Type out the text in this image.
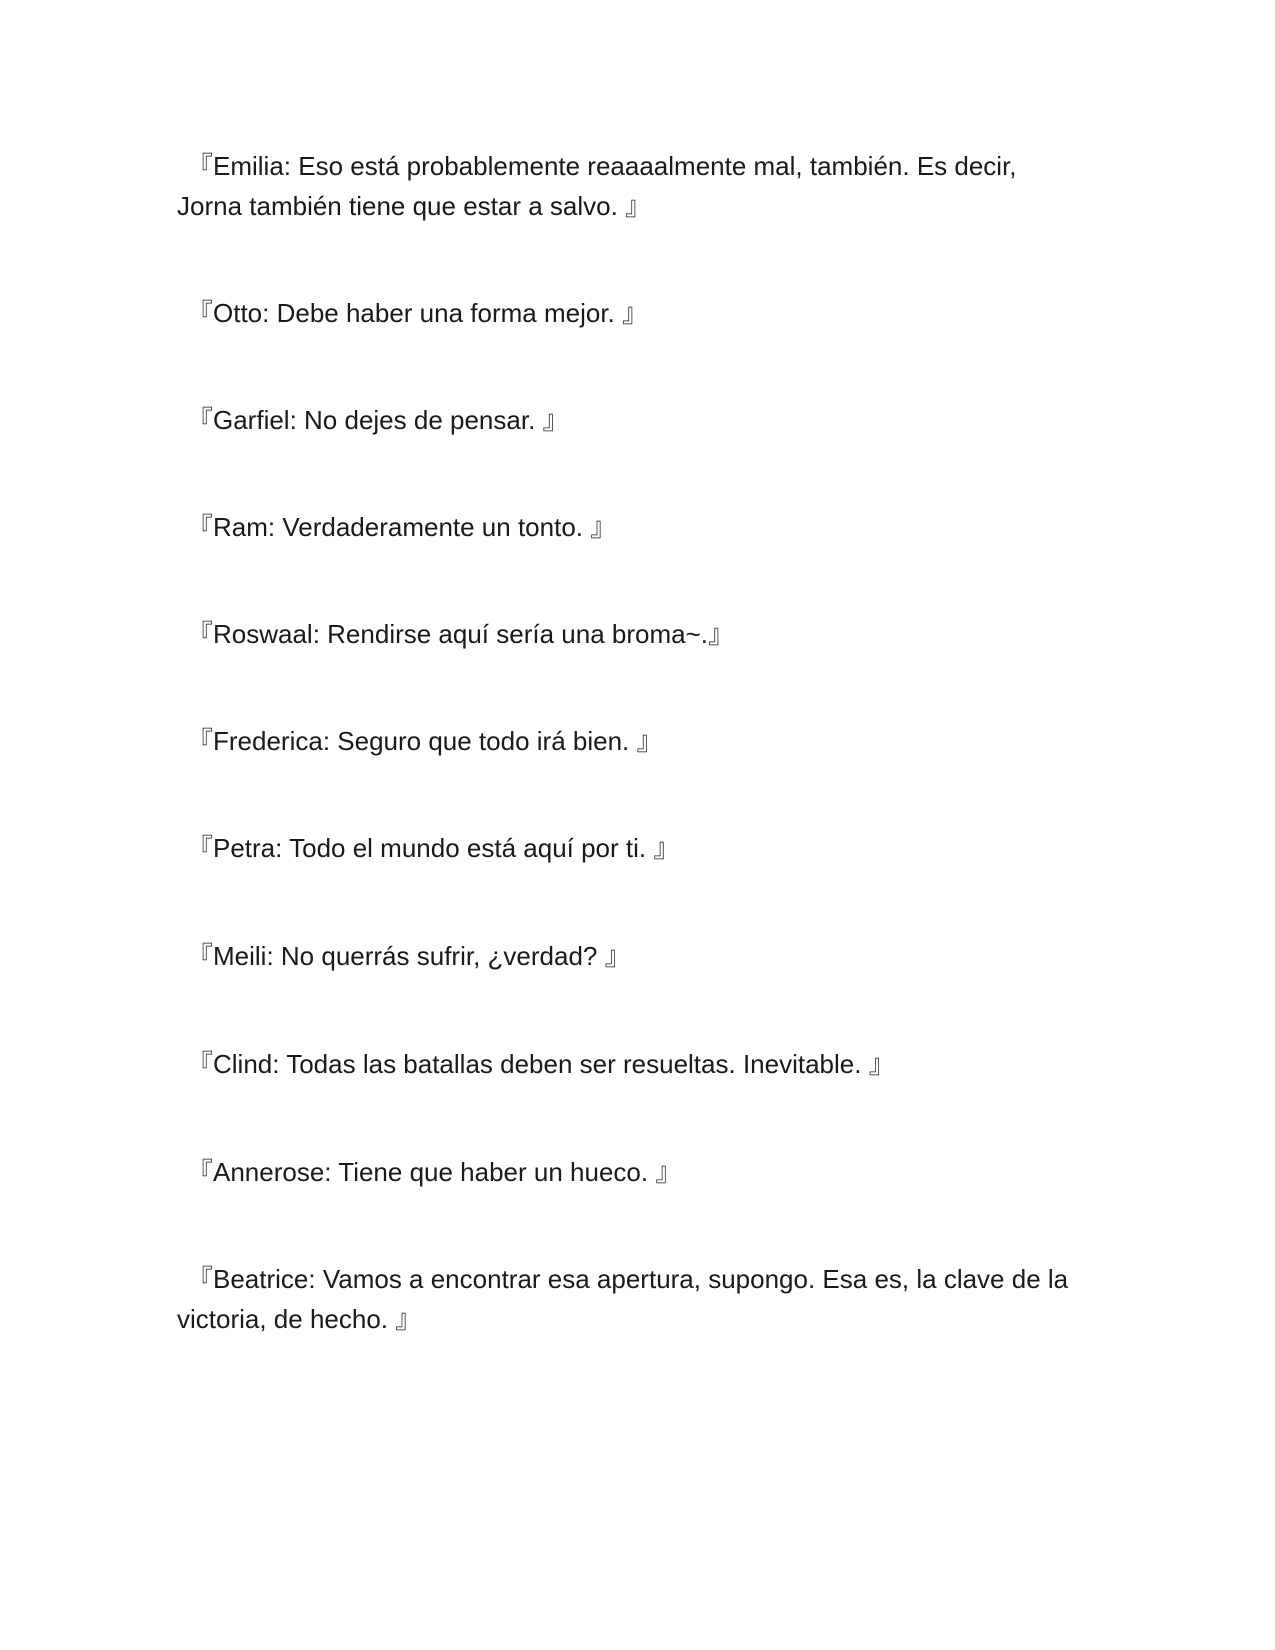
『Emilia: Eso está probablemente reaaaalmente mal, también. Es decir, Jorna también tiene que estar a salvo. 』

『Otto: Debe haber una forma mejor. 』

『Garfiel: No dejes de pensar. 』

『Ram: Verdaderamente un tonto. 』

『Roswaal: Rendirse aquí sería una broma~.』

『Frederica: Seguro que todo irá bien. 』

『Petra: Todo el mundo está aquí por ti. 』

『Meili: No querrás sufrir, ¿verdad? 』

『Clind: Todas las batallas deben ser resueltas. Inevitable. 』

『Annerose: Tiene que haber un hueco. 』

『Beatrice: Vamos a encontrar esa apertura, supongo. Esa es, la clave de la victoria, de hecho. 』
